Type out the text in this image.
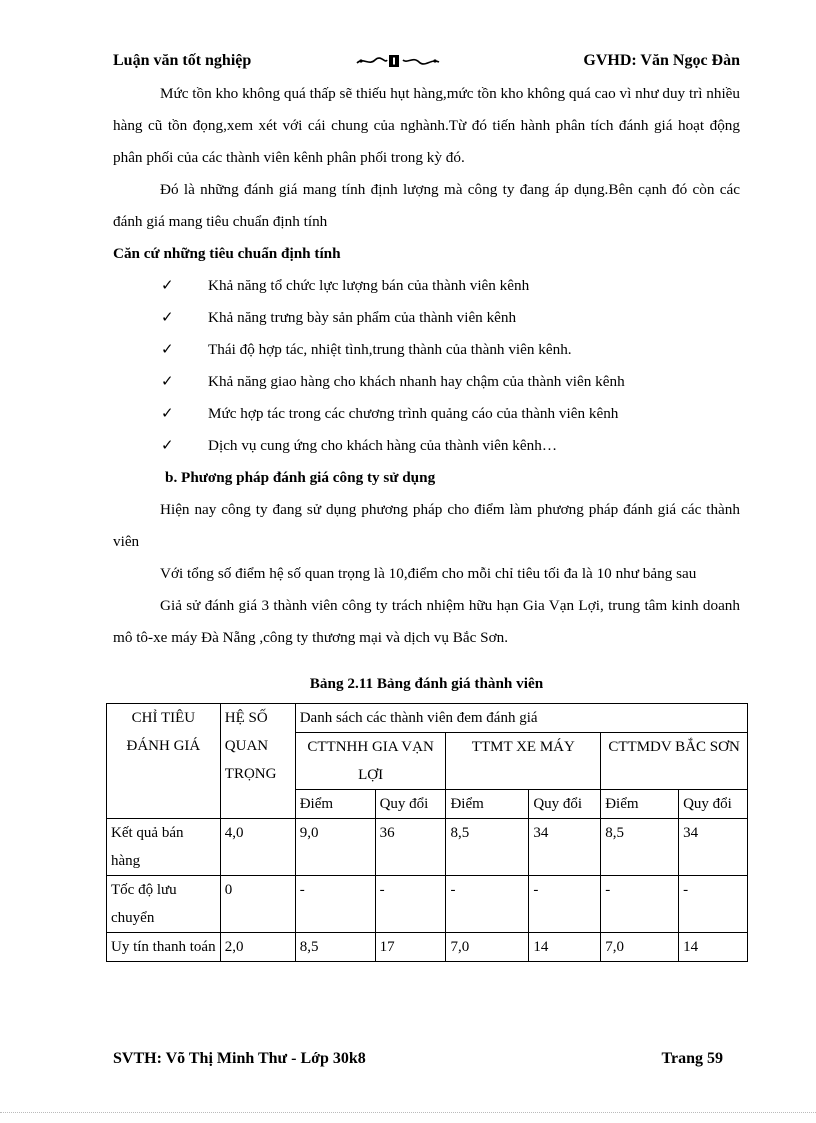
Luận văn tốt nghiệp	GVHD: Văn Ngọc Đàn

Mức tồn kho không quá thấp sẽ thiếu hụt hàng,mức tồn kho không quá cao vì như duy trì nhiều hàng cũ tồn đọng,xem xét với cái chung của nghành.Từ đó tiến hành phân tích đánh giá hoạt động phân phối của các thành viên kênh phân phối trong kỳ đó.

Đó là những đánh giá mang tính định lượng mà công ty đang áp dụng.Bên cạnh đó còn các đánh giá mang tiêu chuẩn định tính

Căn cứ những tiêu chuẩn định tính

✓ Khả năng tổ chức lực lượng bán của thành viên kênh
✓ Khả năng trưng bày sản phẩm của thành viên kênh
✓ Thái độ hợp tác, nhiệt tình,trung thành của thành viên kênh.
✓ Khả năng giao hàng cho khách nhanh hay chậm của thành viên kênh
✓ Mức hợp tác trong các chương trình quảng cáo của thành viên kênh
✓ Dịch vụ cung ứng cho khách hàng của thành viên kênh…

b. Phương pháp đánh giá công ty sử dụng

Hiện nay công ty đang sử dụng phương pháp cho điểm làm phương pháp đánh giá các thành viên

Với tổng số điểm hệ số quan trọng là 10,điểm cho mỗi chỉ tiêu tối đa là 10 như bảng sau

Giả sử đánh giá 3 thành viên công ty trách nhiệm hữu hạn Gia Vạn Lợi, trung tâm kinh doanh mô tô-xe máy Đà Nẵng ,công ty thương mại và dịch vụ Bắc Sơn.

Bảng 2.11 Bảng đánh giá thành viên
CHỈ TIÊU ĐÁNH GIÁ	HỆ SỐ QUAN TRỌNG	Danh sách các thành viên đem đánh giá					
		CTTNHH GIA VẠN LỢI		TTMT XE MÁY		CTTMDV BẮC SƠN	
		Điểm	Quy đổi	Điểm	Quy đổi	Điểm	Quy đổi
Kết quả bán hàng	4,0	9,0	36	8,5	34	8,5	34
Tốc độ lưu chuyển	0	-	-	-	-	-	-
Uy tín thanh toán	2,0	8,5	17	7,0	14	7,0	14
SVTH: Võ Thị Minh Thư - Lớp 30k8	Trang 59
